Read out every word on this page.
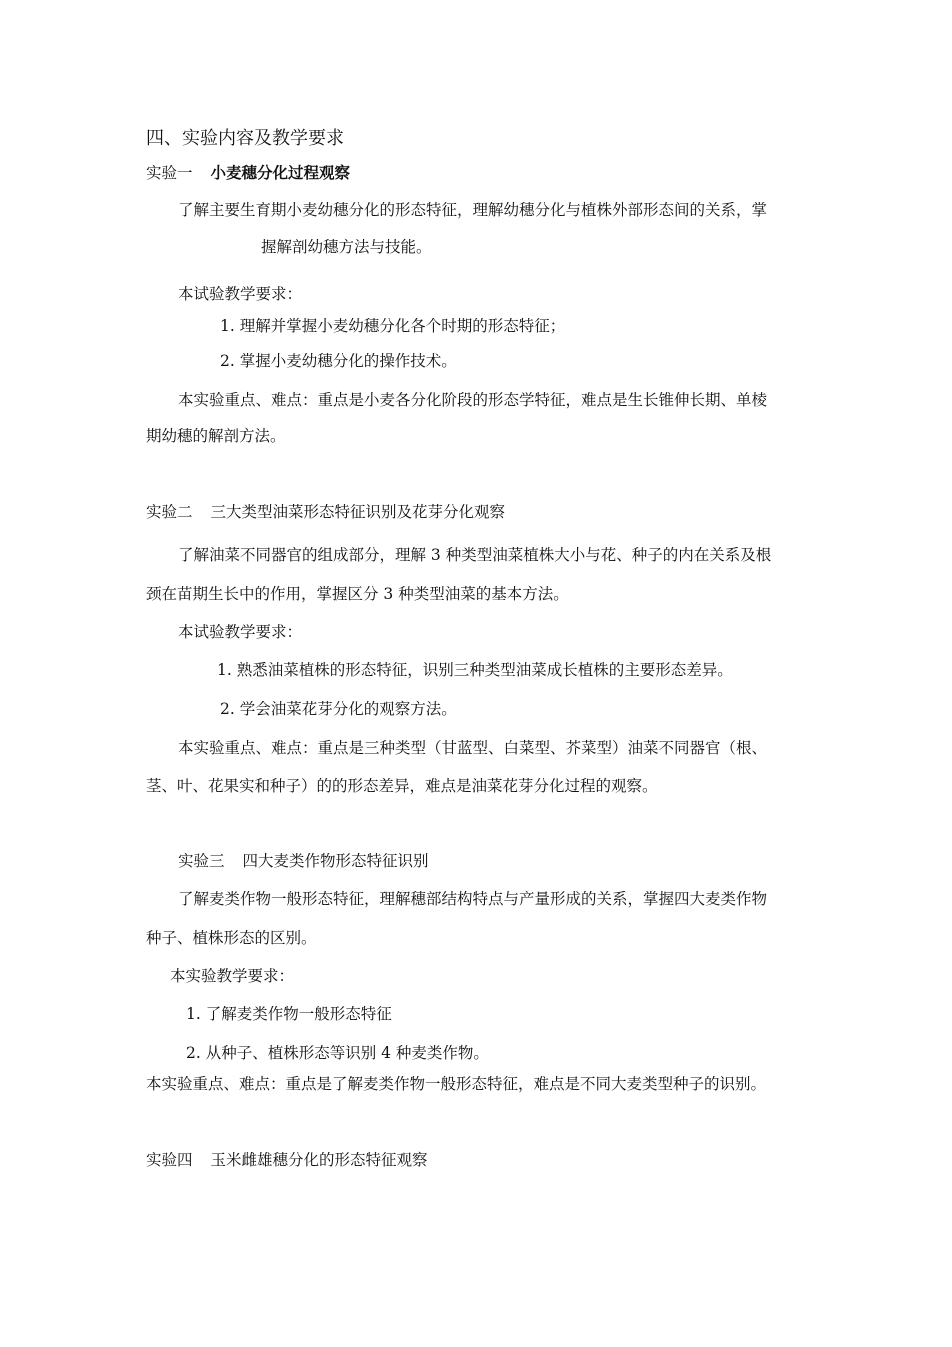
四、实验内容及教学要求
实验一 小麦穗分化过程观察
了解主要生育期小麦幼穗分化的形态特征，理解幼穗分化与植株外部形态间的关系，掌
握解剖幼穗方法与技能。
本试验教学要求：
1. 理解并掌握小麦幼穗分化各个时期的形态特征；
2. 掌握小麦幼穗分化的操作技术。
本实验重点、难点：重点是小麦各分化阶段的形态学特征，难点是生长锥伸长期、单棱
期幼穗的解剖方法。
实验二 三大类型油菜形态特征识别及花芽分化观察
了解油菜不同器官的组成部分，理解 3 种类型油菜植株大小与花、种子的内在关系及根
颈在苗期生长中的作用，掌握区分 3 种类型油菜的基本方法。
本试验教学要求：
1. 熟悉油菜植株的形态特征，识别三种类型油菜成长植株的主要形态差异。
2. 学会油菜花芽分化的观察方法。
本实验重点、难点：重点是三种类型（甘蓝型、白菜型、芥菜型）油菜不同器官（根、
茎、叶、花果实和种子）的的形态差异，难点是油菜花芽分化过程的观察。
实验三 四大麦类作物形态特征识别
了解麦类作物一般形态特征，理解穗部结构特点与产量形成的关系，掌握四大麦类作物
种子、植株形态的区别。
本实验教学要求：
1. 了解麦类作物一般形态特征
2. 从种子、植株形态等识别 4 种麦类作物。
本实验重点、难点：重点是了解麦类作物一般形态特征，难点是不同大麦类型种子的识别。
实验四 玉米雌雄穗分化的形态特征观察
